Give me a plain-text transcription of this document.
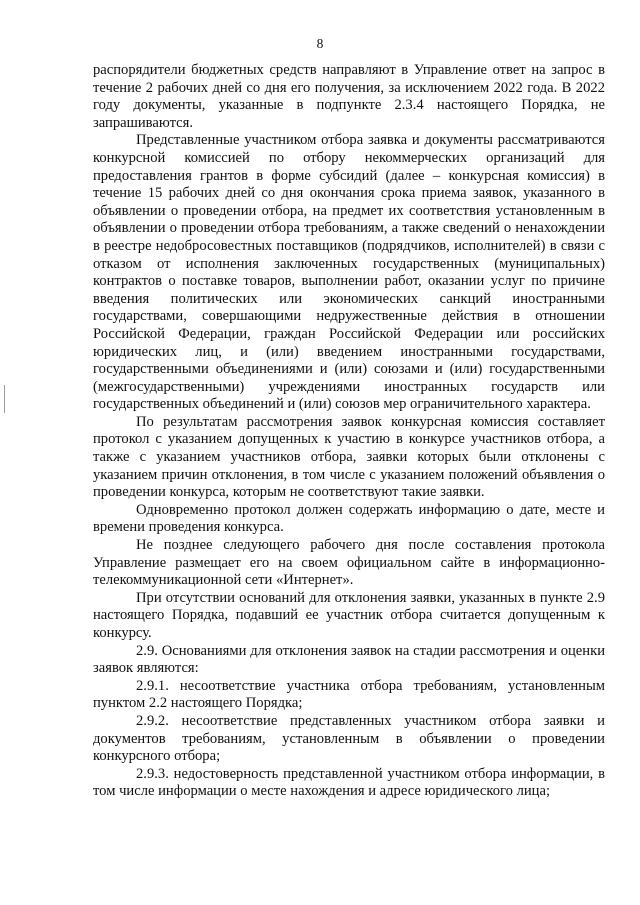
8

распорядители бюджетных средств направляют в Управление ответ на запрос в течение 2 рабочих дней со дня его получения, за исключением 2022 года. В 2022 году документы, указанные в подпункте 2.3.4 настоящего Порядка, не запрашиваются.

Представленные участником отбора заявка и документы рассматриваются конкурсной комиссией по отбору некоммерческих организаций для предоставления грантов в форме субсидий (далее – конкурсная комиссия) в течение 15 рабочих дней со дня окончания срока приема заявок, указанного в объявлении о проведении отбора, на предмет их соответствия установленным в объявлении о проведении отбора требованиям, а также сведений о ненахождении в реестре недобросовестных поставщиков (подрядчиков, исполнителей) в связи с отказом от исполнения заключенных государственных (муниципальных) контрактов о поставке товаров, выполнении работ, оказании услуг по причине введения политических или экономических санкций иностранными государствами, совершающими недружественные действия в отношении Российской Федерации, граждан Российской Федерации или российских юридических лиц, и (или) введением иностранными государствами, государственными объединениями и (или) союзами и (или) государственными (межгосударственными) учреждениями иностранных государств или государственных объединений и (или) союзов мер ограничительного характера.

По результатам рассмотрения заявок конкурсная комиссия составляет протокол с указанием допущенных к участию в конкурсе участников отбора, а также с указанием участников отбора, заявки которых были отклонены с указанием причин отклонения, в том числе с указанием положений объявления о проведении конкурса, которым не соответствуют такие заявки.

Одновременно протокол должен содержать информацию о дате, месте и времени проведения конкурса.

Не позднее следующего рабочего дня после составления протокола Управление размещает его на своем официальном сайте в информационно-телекоммуникационной сети «Интернет».

При отсутствии оснований для отклонения заявки, указанных в пункте 2.9 настоящего Порядка, подавший ее участник отбора считается допущенным к конкурсу.

2.9. Основаниями для отклонения заявок на стадии рассмотрения и оценки заявок являются:

2.9.1. несоответствие участника отбора требованиям, установленным пунктом 2.2 настоящего Порядка;

2.9.2. несоответствие представленных участником отбора заявки и документов требованиям, установленным в объявлении о проведении конкурсного отбора;

2.9.3. недостоверность представленной участником отбора информации, в том числе информации о месте нахождения и адресе юридического лица;
